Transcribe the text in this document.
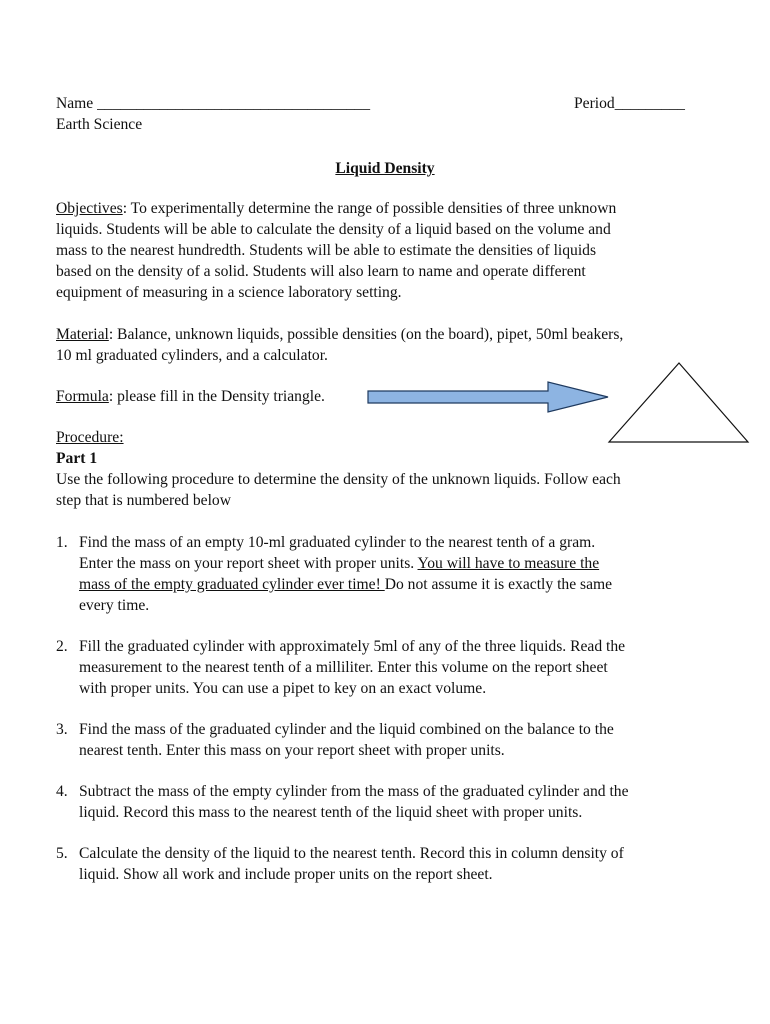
Name ___________________________________	Period_________
Earth Science
Liquid Density
Objectives: To experimentally determine the range of possible densities of three unknown
liquids. Students will be able to calculate the density of a liquid based on the volume and
mass to the nearest hundredth. Students will be able to estimate the densities of liquids
based on the density of a solid. Students will also learn to name and operate different
equipment of measuring in a science laboratory setting.
Material: Balance, unknown liquids, possible densities (on the board), pipet, 50ml beakers,
10 ml graduated cylinders, and a calculator.
Formula: please fill in the Density triangle.
Procedure:
Part 1
Use the following procedure to determine the density of the unknown liquids. Follow each
step that is numbered below
1. Find the mass of an empty 10-ml graduated cylinder to the nearest tenth of a gram.
Enter the mass on your report sheet with proper units. You will have to measure the
mass of the empty graduated cylinder ever time! Do not assume it is exactly the same
every time.
2. Fill the graduated cylinder with approximately 5ml of any of the three liquids. Read the
measurement to the nearest tenth of a milliliter. Enter this volume on the report sheet
with proper units. You can use a pipet to key on an exact volume.
3. Find the mass of the graduated cylinder and the liquid combined on the balance to the
nearest tenth. Enter this mass on your report sheet with proper units.
4. Subtract the mass of the empty cylinder from the mass of the graduated cylinder and the
liquid. Record this mass to the nearest tenth of the liquid sheet with proper units.
5. Calculate the density of the liquid to the nearest tenth. Record this in column density of
liquid. Show all work and include proper units on the report sheet.
